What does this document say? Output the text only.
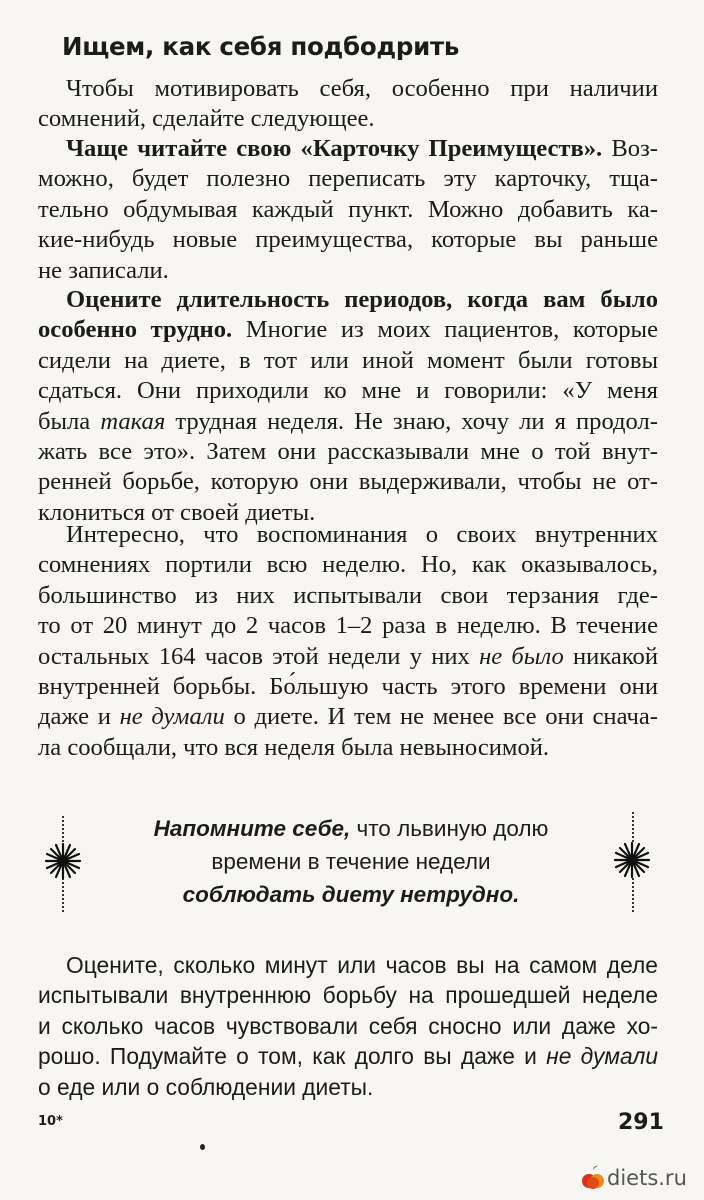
Ищем, как себя подбодрить
Чтобы мотивировать себя, особенно при наличии
сомнений, сделайте следующее.
Чаще читайте свою «Карточку Преимуществ». Воз-
можно, будет полезно переписать эту карточку, тща-
тельно обдумывая каждый пункт. Можно добавить ка-
кие-нибудь новые преимущества, которые вы раньше
не записали.
Оцените длительность периодов, когда вам было
особенно трудно. Многие из моих пациентов, которые
сидели на диете, в тот или иной момент были готовы
сдаться. Они приходили ко мне и говорили: «У меня
была такая трудная неделя. Не знаю, хочу ли я продол-
жать все это». Затем они рассказывали мне о той внут-
ренней борьбе, которую они выдерживали, чтобы не от-
клониться от своей диеты.
Интересно, что воспоминания о своих внутренних
сомнениях портили всю неделю. Но, как оказывалось,
большинство из них испытывали свои терзания где-
то от 20 минут до 2 часов 1–2 раза в неделю. В течение
остальных 164 часов этой недели у них не было никакой
внутренней борьбы. Бо́льшую часть этого времени они
даже и не думали о диете. И тем не менее все они снача-
ла сообщали, что вся неделя была невыносимой.
Напомните себе, что львиную долю
времени в течение недели
соблюдать диету нетрудно.
Оцените, сколько минут или часов вы на самом деле
испытывали внутреннюю борьбу на прошедшей неделе
и сколько часов чувствовали себя сносно или даже хо-
рошо. Подумайте о том, как долго вы даже и не думали
о еде или о соблюдении диеты.
10*	291
diets.ru
